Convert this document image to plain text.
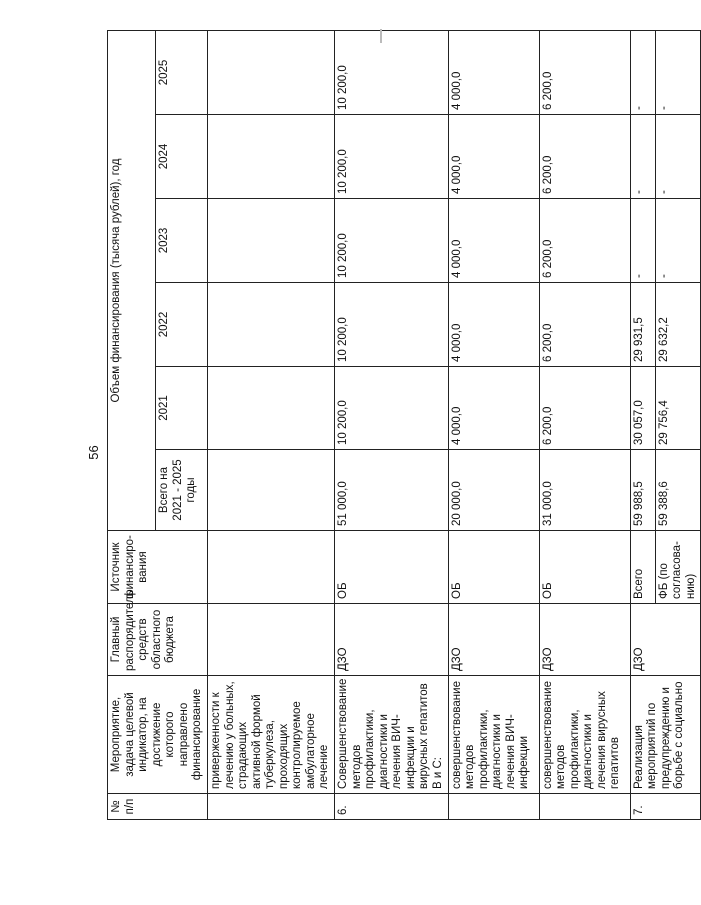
56
№ п/п	Мероприятие, задача целевой индикатор, на достижение которого направлено финансирование	Главный распорядитель средств областного бюджета	Источник финансиро-вания	Объем финансирования (тысяча рублей), год					
				Всего на 2021 - 2025 годы	2021	2022	2023	2024	2025
	приверженности к лечению у больных, страдающих активной формой туберкулеза, проходящих контролируемое амбулаторное лечение								
6.	Совершенствование методов профилактики, диагностики и лечения ВИЧ-инфекции и вирусных гепатитов В и С:	ДЗО	ОБ	51 000,0	10 200,0	10 200,0	10 200,0	10 200,0	10 200,0
	совершенствование методов профилактики, диагностики и лечения ВИЧ-инфекции	ДЗО	ОБ	20 000,0	4 000,0	4 000,0	4 000,0	4 000,0	4 000,0
	совершенствование методов профилактики, диагностики и лечения вирусных гепатитов	ДЗО	ОБ	31 000,0	6 200,0	6 200,0	6 200,0	6 200,0	6 200,0
7.	Реализация мероприятий по предупреждению и борьбе с социально	ДЗО	Всего	59 988,5	30 057,0	29 931,5	-	-	-
			ФБ (по согласова-нию)	59 388,6	29 756,4	29 632,2	-	-	-
